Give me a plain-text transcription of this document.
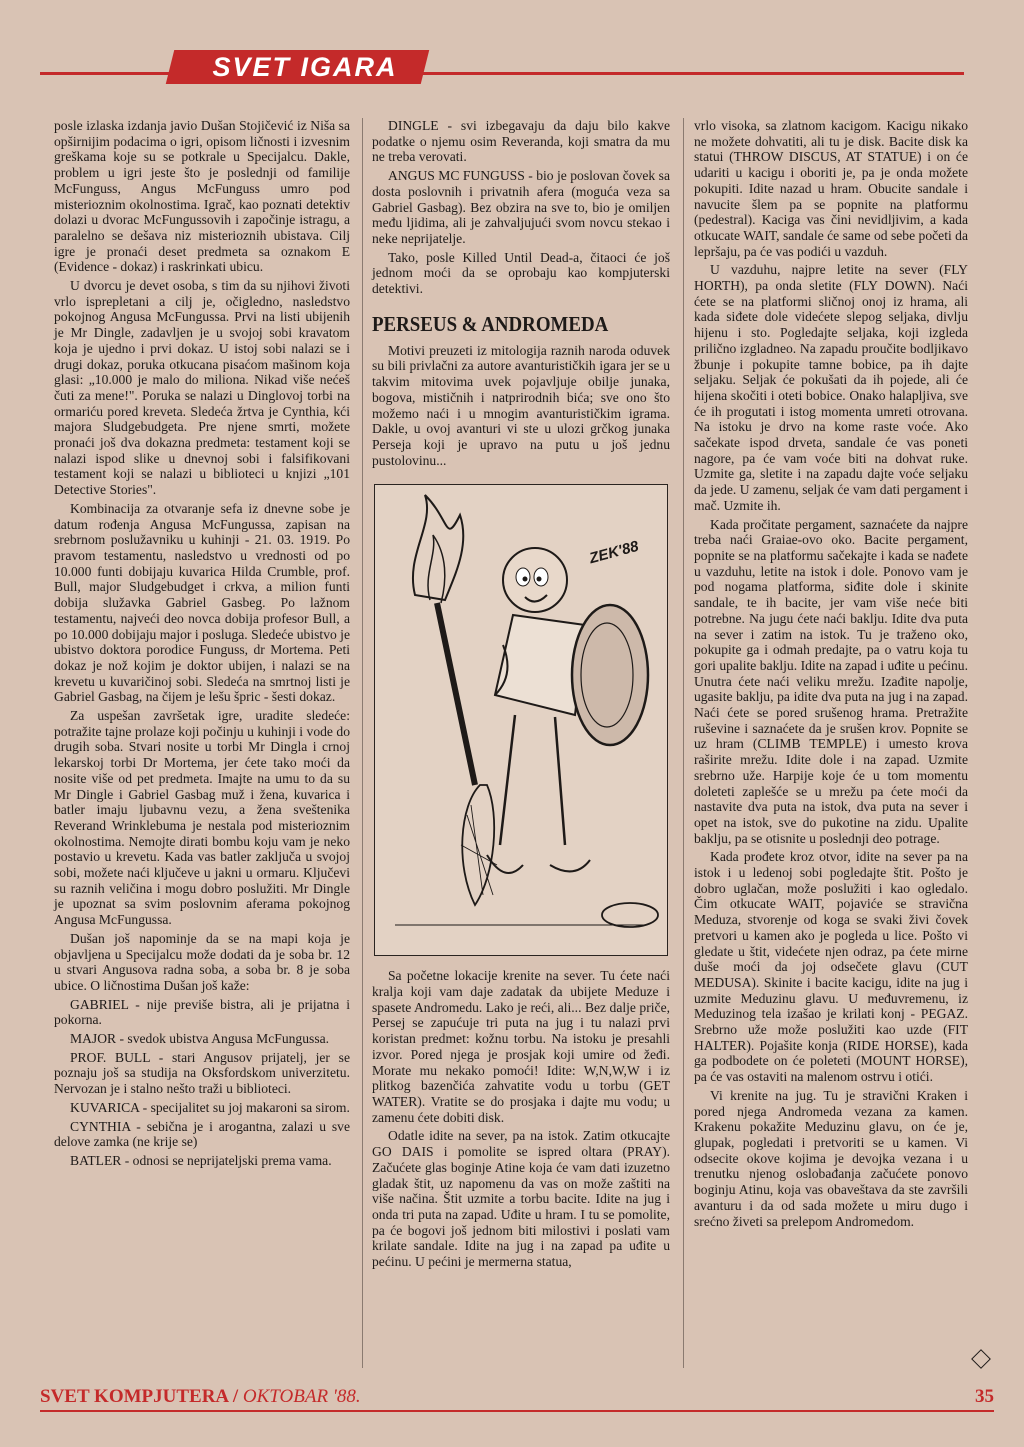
SVET IGARA

posle izlaska izdanja javio Dušan Stojičević iz Niša sa opširnijim podacima o igri, opisom ličnosti i izvesnim greškama koje su se potkrale u Specijalcu. Dakle, problem u igri jeste što je poslednji od familije McFunguss, Angus McFunguss umro pod misterioznim okolnostima. Igrač, kao poznati detektiv dolazi u dvorac McFungussovih i započinje istragu, a paralelno se dešava niz misterioznih ubistava. Cilj igre je pronaći deset predmeta sa oznakom E (Evidence - dokaz) i raskrinkati ubicu.

U dvorcu je devet osoba, s tim da su njihovi životi vrlo isprepletani a cilj je, očigledno, nasledstvo pokojnog Angusa McFungussa. Prvi na listi ubijenih je Mr Dingle, zadavljen je u svojoj sobi kravatom koja je ujedno i prvi dokaz. U istoj sobi nalazi se i drugi dokaz, poruka otkucana pisaćom mašinom koja glasi: „10.000 je malo do miliona. Nikad više nećeš čuti za mene!". Poruka se nalazi u Dinglovoj torbi na ormariću pored kreveta. Sledeća žrtva je Cynthia, kći majora Sludgebudgeta. Pre njene smrti, možete pronaći još dva dokazna predmeta: testament koji se nalazi ispod slike u dnevnoj sobi i falsifikovani testament koji se nalazi u biblioteci u knjizi „101 Detective Stories".

Kombinacija za otvaranje sefa iz dnevne sobe je datum rođenja Angusa McFungussa, zapisan na srebrnom poslužavniku u kuhinji - 21. 03. 1919. Po pravom testamentu, nasledstvo u vrednosti od po 10.000 funti dobijaju kuvarica Hilda Crumble, prof. Bull, major Sludgebudget i crkva, a milion funti dobija služavka Gabriel Gasbeg. Po lažnom testamentu, najveći deo novca dobija profesor Bull, a po 10.000 dobijaju major i posluga. Sledeće ubistvo je ubistvo doktora porodice Funguss, dr Mortema. Peti dokaz je nož kojim je doktor ubijen, i nalazi se na krevetu u kuvaričinoj sobi. Sledeća na smrtnoj listi je Gabriel Gasbag, na čijem je lešu špric - šesti dokaz.

Za uspešan završetak igre, uradite sledeće: potražite tajne prolaze koji počinju u kuhinji i vode do drugih soba. Stvari nosite u torbi Mr Dingla i crnoj lekarskoj torbi Dr Mortema, jer ćete tako moći da nosite više od pet predmeta. Imajte na umu to da su Mr Dingle i Gabriel Gasbag muž i žena, kuvarica i batler imaju ljubavnu vezu, a žena sveštenika Reverand Wrinklebuma je nestala pod misterioznim okolnostima. Nemojte dirati bombu koju vam je neko postavio u krevetu. Kada vas batler zaključa u svojoj sobi, možete naći ključeve u jakni u ormaru. Ključevi su raznih veličina i mogu dobro poslužiti. Mr Dingle je upoznat sa svim poslovnim aferama pokojnog Angusa McFungussa.

Dušan još napominje da se na mapi koja je objavljena u Specijalcu može dodati da je soba br. 12 u stvari Angusova radna soba, a soba br. 8 je soba ubice. O ličnostima Dušan još kaže:

GABRIEL - nije previše bistra, ali je prijatna i pokorna.

MAJOR - svedok ubistva Angusa McFungussa.

PROF. BULL - stari Angusov prijatelj, jer se poznaju još sa studija na Oksfordskom univerzitetu. Nervozan je i stalno nešto traži u biblioteci.

KUVARICA - specijalitet su joj makaroni sa sirom.

CYNTHIA - sebična je i arogantna, zalazi u sve delove zamka (ne krije se)

BATLER - odnosi se neprijateljski prema vama.

DINGLE - svi izbegavaju da daju bilo kakve podatke o njemu osim Reveranda, koji smatra da mu ne treba verovati.

ANGUS MC FUNGUSS - bio je poslovan čovek sa dosta poslovnih i privatnih afera (moguća veza sa Gabriel Gasbag). Bez obzira na sve to, bio je omiljen među ljidima, ali je zahvaljujući svom novcu stekao i neke neprijatelje.

Tako, posle Killed Until Dead-a, čitaoci će još jednom moći da se oprobaju kao kompjuterski detektivi.

PERSEUS & ANDROMEDA

Motivi preuzeti iz mitologija raznih naroda oduvek su bili privlačni za autore avanturističkih igara jer se u takvim mitovima uvek pojavljuje obilje junaka, bogova, mističnih i natprirodnih bića; sve ono što možemo naći i u mnogim avanturističkim igrama. Dakle, u ovoj avanturi vi ste u ulozi grčkog junaka Perseja koji je upravo na putu u još jednu pustolovinu...

ZEK'88

Sa početne lokacije krenite na sever. Tu ćete naći kralja koji vam daje zadatak da ubijete Meduze i spasete Andromedu. Lako je reći, ali... Bez dalje priče, Persej se zapućuje tri puta na jug i tu nalazi prvi koristan predmet: kožnu torbu. Na istoku je presahli izvor. Pored njega je prosjak koji umire od žeđi. Morate mu nekako pomoći! Idite: W,N,W,W i iz plitkog bazenčića zahvatite vodu u torbu (GET WATER). Vratite se do prosjaka i dajte mu vodu; u zamenu ćete dobiti disk.

Odatle idite na sever, pa na istok. Zatim otkucajte GO DAIS i pomolite se ispred oltara (PRAY). Začućete glas boginje Atine koja će vam dati izuzetno gladak štit, uz napomenu da vas on može zaštiti na više načina. Štit uzmite a torbu bacite. Idite na jug i onda tri puta na zapad. Uđite u hram. I tu se pomolite, pa će bogovi još jednom biti milostivi i poslati vam krilate sandale. Idite na jug i na zapad pa uđite u pećinu. U pećini je mermerna statua,

vrlo visoka, sa zlatnom kacigom. Kacigu nikako ne možete dohvatiti, ali tu je disk. Bacite disk ka statui (THROW DISCUS, AT STATUE) i on će udariti u kacigu i oboriti je, pa je onda možete pokupiti. Idite nazad u hram. Obucite sandale i navucite šlem pa se popnite na platformu (pedestral). Kaciga vas čini nevidljivim, a kada otkucate WAIT, sandale će same od sebe početi da lepršaju, pa će vas podići u vazduh.

U vazduhu, najpre letite na sever (FLY HORTH), pa onda sletite (FLY DOWN). Naći ćete se na platformi sličnoj onoj iz hrama, ali kada siđete dole videćete slepog seljaka, divlju hijenu i sto. Pogledajte seljaka, koji izgleda prilično izgladneo. Na zapadu proučite bodljikavo žbunje i pokupite tamne bobice, pa ih dajte seljaku. Seljak će pokušati da ih pojede, ali će hijena skočiti i oteti bobice. Onako halapljiva, sve će ih progutati i istog momenta umreti otrovana. Na istoku je drvo na kome raste voće. Ako sačekate ispod drveta, sandale će vas poneti nagore, pa će vam voće biti na dohvat ruke. Uzmite ga, sletite i na zapadu dajte voće seljaku da jede. U zamenu, seljak će vam dati pergament i mač. Uzmite ih.

Kada pročitate pergament, saznaćete da najpre treba naći Graiae-ovo oko. Bacite pergament, popnite se na platformu sačekajte i kada se nađete u vazduhu, letite na istok i dole. Ponovo vam je pod nogama platforma, siđite dole i skinite sandale, te ih bacite, jer vam više neće biti potrebne. Na jugu ćete naći baklju. Idite dva puta na sever i zatim na istok. Tu je traženo oko, pokupite ga i odmah predajte, pa o vatru koja tu gori upalite baklju. Idite na zapad i uđite u pećinu. Unutra ćete naći veliku mrežu. Izađite napolje, ugasite baklju, pa idite dva puta na jug i na zapad. Naći ćete se pored srušenog hrama. Pretražite ruševine i saznaćete da je srušen krov. Popnite se uz hram (CLIMB TEMPLE) i umesto krova raširite mrežu. Idite dole i na zapad. Uzmite srebrno uže. Harpije koje će u tom momentu doleteti zaplešće se u mrežu pa ćete moći da nastavite dva puta na istok, dva puta na sever i opet na istok, sve do pukotine na zidu. Upalite baklju, pa se otisnite u poslednji deo potrage.

Kada prođete kroz otvor, idite na sever pa na istok i u ledenoj sobi pogledajte štit. Pošto je dobro uglačan, može poslužiti i kao ogledalo. Čim otkucate WAIT, pojaviće se stravična Meduza, stvorenje od koga se svaki živi čovek pretvori u kamen ako je pogleda u lice. Pošto vi gledate u štit, videćete njen odraz, pa ćete mirne duše moći da joj odsečete glavu (CUT MEDUSA). Skinite i bacite kacigu, idite na jug i uzmite Meduzinu glavu. U međuvremenu, iz Meduzinog tela izašao je krilati konj - PEGAZ. Srebrno uže može poslužiti kao uzde (FIT HALTER). Pojašite konja (RIDE HORSE), kada ga podbodete on će poleteti (MOUNT HORSE), pa će vas ostaviti na malenom ostrvu i otići.

Vi krenite na jug. Tu je stravični Kraken i pored njega Andromeda vezana za kamen. Krakenu pokažite Meduzinu glavu, on će je, glupak, pogledati i pretvoriti se u kamen. Vi odsecite okove kojima je devojka vezana i u trenutku njenog oslobađanja začućete ponovo boginju Atinu, koja vas obaveštava da ste završili avanturu i da od sada možete u miru dugo i srećno živeti sa prelepom Andromedom.

SVET KOMPJUTERA / OKTOBAR '88.	35
